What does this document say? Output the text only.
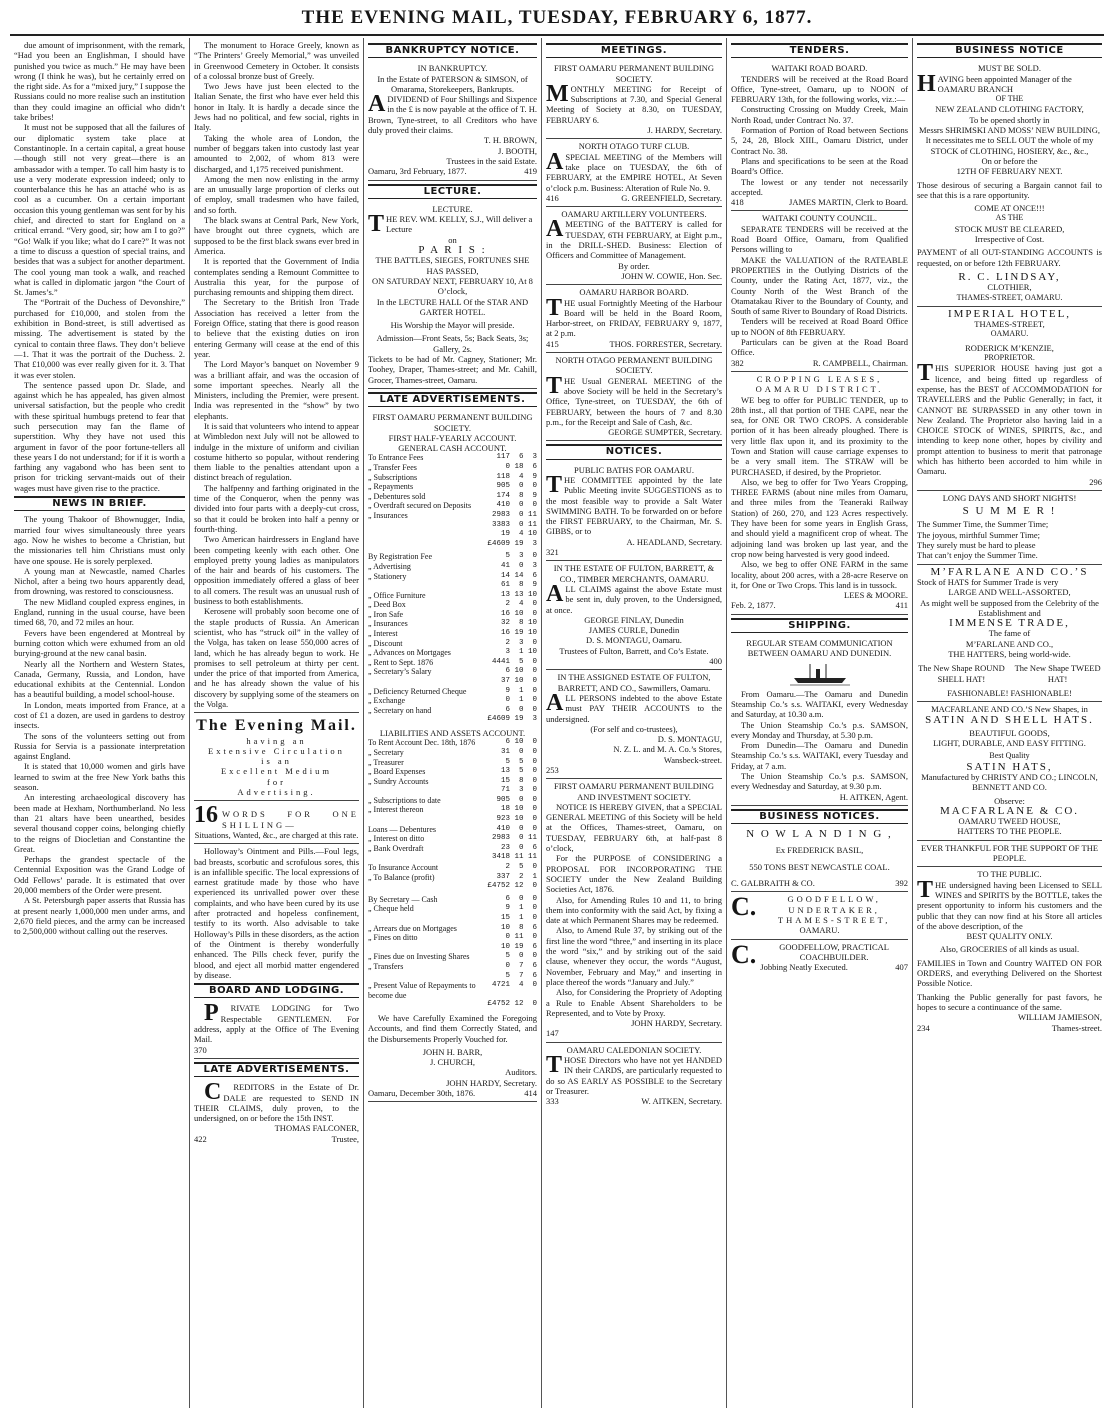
THE EVENING MAIL, TUESDAY, FEBRUARY 6, 1877.

due amount of imprisonment, with the remark, “Had you been an Englishman, I should have punished you twice as much.” He may have been wrong (I think he was), but he certainly erred on the right side. As for a “mixed jury,” I suppose the Russians could no more realise such an institution than they could imagine an official who didn’t take bribes!

It must not be supposed that all the failures of our diplomatic system take place at Constantinople. In a certain capital, a great house—though still not very great—there is an ambassador with a temper. To call him hasty is to use a very moderate expression indeed; only to counterbalance this he has an attaché who is as cool as a cucumber. On a certain important occasion this young gentleman was sent for by his chief, and directed to start for England on a critical errand. “Very good, sir; how am I to go?” “Go! Walk if you like; what do I care?” It was not a time to discuss a question of special trains, and besides that was a subject for another department. The cool young man took a walk, and reached what is called in diplomatic jargon “the Court of St. James’s.”

The “Portrait of the Duchess of Devonshire,” purchased for £10,000, and stolen from the exhibition in Bond-street, is still advertised as missing. The advertisement is stated by the cynical to contain three flaws. They don’t believe—1. That it was the portrait of the Duchess. 2. That £10,000 was ever really given for it. 3. That it was ever stolen.

The sentence passed upon Dr. Slade, and against which he has appealed, has given almost universal satisfaction, but the people who credit with these spiritual humbugs pretend to fear that such persecution may fan the flame of superstition. Why they have not used this argument in favor of the poor fortune-tellers all these years I do not understand; for if it is worth a farthing any vagabond who has been sent to prison for tricking servant-maids out of their wages must have given rise to the practice.

NEWS IN BRIEF.

The young Thakoor of Bhownugger, India, married four wives simultaneously three years ago. Now he wishes to become a Christian, but the missionaries tell him Christians must only have one spouse. He is sorely perplexed.

A young man at Newcastle, named Charles Nichol, after a being two hours apparently dead, from drowning, was restored to consciousness.

The new Midland coupled express engines, in England, running in the usual course, have been timed 68, 70, and 72 miles an hour.

Fevers have been engendered at Montreal by burning cotton which were exhumed from an old burying-ground at the new canal basin.

Nearly all the Northern and Western States, Canada, Germany, Russia, and London, have educational exhibits at the Centennial. London has a beautiful building, a model school-house.

In London, meats imported from France, at a cost of £1 a dozen, are used in gardens to destroy insects.

The sons of the volunteers setting out from Russia for Servia is a passionate interpretation against England.

It is stated that 10,000 women and girls have learned to swim at the free New York baths this season.

An interesting archaeological discovery has been made at Hexham, Northumberland. No less than 21 altars have been unearthed, besides several thousand copper coins, belonging chiefly to the reigns of Diocletian and Constantine the Great.

Perhaps the grandest spectacle of the Centennial Exposition was the Grand Lodge of Odd Fellows’ parade. It is estimated that over 20,000 members of the Order were present.

A St. Petersburgh paper asserts that Russia has at present nearly 1,000,000 men under arms, and 2,670 field pieces, and the army can be increased to 2,500,000 without calling out the reserves.

The monument to Horace Greely, known as “The Printers’ Greely Memorial,” was unveiled in Greenwood Cemetery in October. It consists of a colossal bronze bust of Greely.

Two Jews have just been elected to the Italian Senate, the first who have ever held this honor in Italy. It is hardly a decade since the Jews had no political, and few social, rights in Italy.

Taking the whole area of London, the number of beggars taken into custody last year amounted to 2,002, of whom 813 were discharged, and 1,175 received punishment.

Among the men now enlisting in the army are an unusually large proportion of clerks out of employ, small tradesmen who have failed, and so forth.

The black swans at Central Park, New York, have brought out three cygnets, which are supposed to be the first black swans ever bred in America.

It is reported that the Government of India contemplates sending a Remount Committee to Australia this year, for the purpose of purchasing remounts and shipping them direct.

The Secretary to the British Iron Trade Association has received a letter from the Foreign Office, stating that there is good reason to believe that the existing duties on iron entering Germany will cease at the end of this year.

The Lord Mayor’s banquet on November 9 was a brilliant affair, and was the occasion of some important speeches. Nearly all the Ministers, including the Premier, were present. India was represented in the “show” by two elephants.

It is said that volunteers who intend to appear at Wimbledon next July will not be allowed to indulge in the mixture of uniform and civilian costume hitherto so popular, without rendering them liable to the penalties attendant upon a distinct breach of regulation.

The halfpenny and farthing originated in the time of the Conqueror, when the penny was divided into four parts with a deeply-cut cross, so that it could be broken into half a penny or fourth-thing.

Two American hairdressers in England have been competing keenly with each other. One employed pretty young ladies as manipulators of the hair and beards of his customers. The opposition immediately offered a glass of beer to all comers. The result was an unusual rush of business to both establishments.

Kerosene will probably soon become one of the staple products of Russia. An American scientist, who has “struck oil” in the valley of the Volga, has taken on lease 550,000 acres of land, which he has already begun to work. He promises to sell petroleum at thirty per cent. under the price of that imported from America, and he has already shown the value of his discovery by supplying some of the steamers on the Volga.

The Evening Mail.
having an
Extensive Circulation
is an
Excellent Medium
for
Advertising.
16 WORDS FOR ONE SHILLING—
Situations, Wanted, &c., are charged at this rate.

Holloway’s Ointment and Pills.—Foul legs, bad breasts, scorbutic and scrofulous sores, this is an infallible specific. The local expressions of earnest gratitude made by those who have experienced its unrivalled power over these complaints, and who have been cured by its use after protracted and hopeless confinement, testify to its worth. Also advisable to take Holloway’s Pills in these disorders, as the action of the Ointment is thereby wonderfully enhanced. The Pills check fever, purify the blood, and eject all morbid matter engendered by disease.

BOARD AND LODGING.

PRIVATE LODGING for Two Respectable GENTLEMEN. For address, apply at the Office of The Evening Mail.

370
LATE ADVERTISEMENTS.

CREDITORS in the Estate of Dr. DALE are requested to SEND IN THEIR CLAIMS, duly proven, to the undersigned, on or before the 15th INST.

THOMAS FALCONER,
422	Trustee,
BANKRUPTCY NOTICE.
IN BANKRUPTCY.
In the Estate of PATERSON & SIMSON, of Omarama, Storekeepers, Bankrupts.

ADIVIDEND of Four Shillings and Sixpence in the £ is now payable at the office of T. H. Brown, Tyne-street, to all Creditors who have duly proved their claims.

T. H. BROWN,
J. BOOTH,
Trustees in the said Estate.
Oamaru, 3rd February, 1877.	419
LECTURE.
LECTURE.

THE REV. WM. KELLY, S.J., Will deliver a Lecture

on
P A R I S :
THE BATTLES, SIEGES, FORTUNES SHE HAS PASSED,
ON SATURDAY NEXT, FEBRUARY 10, At 8 O’clock,
In the LECTURE HALL Of the STAR AND GARTER HOTEL.
His Worship the Mayor will preside.
Admission—Front Seats, 5s; Back Seats, 3s; Gallery, 2s.
Tickets to be had of Mr. Cagney, Stationer; Mr. Toohey, Draper, Thames-street; and Mr. Cahill, Grocer, Thames-street, Oamaru.
LATE ADVERTISEMENTS.
FIRST OAMARU PERMANENT BUILDING SOCIETY.
FIRST HALF-YEARLY ACCOUNT.
GENERAL CASH ACCOUNT.
To Entrance Fees	117  6  3
„ Transfer Fees	0 18  6
„ Subscriptions	118  4  9
„ Repayments	905  0  0
„ Debentures sold	174  8  9
„ Overdraft secured on Deposits	410  0  0
„ Insurances	2983  0 11
3383  0 11
19  4 10
£4609 19  3
By Registration Fee	5  3  0
„ Advertising	41  0  3
„ Stationery	14 14  6
61  8  9
„ Office Furniture	13 13 10
„ Deed Box	2  4  0
„ Iron Safe	16 10  0
„ Insurances	32  8 10
„ Interest	16 19 10
„ Discount	2  3  0
„ Advances on Mortgages	3  1 10
„ Rent to Sept. 1876	4441  5  0
„ Secretary’s Salary	6 10  0
37 10  0
„ Deficiency Returned Cheque	9  1  0
„ Exchange	0  1  0
„ Secretary on hand	6  0  0
£4609 19  3
LIABILITIES AND ASSETS ACCOUNT.
To Rent Account Dec. 18th, 1876	6 10  0
„ Secretary	31  0  0
„ Treasurer	5  5  0
„ Board Expenses	13  5  0
„ Sundry Accounts	15  8  0
71  3  0
„ Subscriptions to date	905  0  0
„ Interest thereon	18 10  0
923 10  0
Loans — Debentures	410  0  0
„ Interest on ditto	2983  0 11
„ Bank Overdraft	23  0  6
3418 11 11
To Insurance Account	2  5  0
„ To Balance (profit)	337  2  1
£4752 12  0
By Secretary — Cash	6  0  0
„ Cheque held	9  1  0
15  1  0
„ Arrears due on Mortgages	10  8  6
„ Fines on ditto	0 11  0
10 19  6
„ Fines due on Investing Shares	5  0  0
„ Transfers	0  7  6
5  7  6
„ Present Value of Repayments to become due
4721  4  0
£4752 12  0

We have Carefully Examined the Foregoing Accounts, and find them Correctly Stated, and the Disbursements Properly Vouched for.

JOHN H. BARR,
J. CHURCH,
Auditors.
JOHN HARDY, Secretary.
Oamaru, December 30th, 1876.	414
MEETINGS.
FIRST OAMARU PERMANENT BUILDING SOCIETY.

MONTHLY MEETING for Receipt of Subscriptions at 7.30, and Special General Meeting of Society at 8.30, on TUESDAY, FEBRUARY 6.

J. HARDY, Secretary.
NORTH OTAGO TURF CLUB.

ASPECIAL MEETING of the Members will take place on TUESDAY, the 6th of FEBRUARY, at the EMPIRE HOTEL, At Seven o’clock p.m. Business: Alteration of Rule No. 9.

416	G. GREENFIELD, Secretary.
OAMARU ARTILLERY VOLUNTEERS.

AMEETING of the BATTERY is called for TUESDAY, 6TH FEBRUARY, at Eight p.m., in the DRILL-SHED. Business: Election of Officers and Committee of Management.

By order.
JOHN W. COWIE, Hon. Sec.
OAMARU HARBOR BOARD.

THE usual Fortnightly Meeting of the Harbour Board will be held in the Board Room, Harbor-street, on FRIDAY, FEBRUARY 9, 1877, at 2 p.m.

415	THOS. FORRESTER, Secretary.
NORTH OTAGO PERMANENT BUILDING SOCIETY.

THE Usual GENERAL MEETING of the above Society will be held in the Secretary’s Office, Tyne-street, on TUESDAY, the 6th of FEBRUARY, between the hours of 7 and 8.30 p.m., for the Receipt and Sale of Cash, &c.

GEORGE SUMPTER, Secretary.
NOTICES.
PUBLIC BATHS FOR OAMARU.

THE COMMITTEE appointed by the late Public Meeting invite SUGGESTIONS as to the most feasible way to provide a Salt Water SWIMMING BATH. To be forwarded on or before the FIRST FEBRUARY, to the Chairman, Mr. S. GIBBS, or to

A. HEADLAND, Secretary.
321
IN THE ESTATE OF FULTON, BARRETT, & CO., TIMBER MERCHANTS, OAMARU.

ALL CLAIMS against the above Estate must be sent in, duly proven, to the Undersigned, at once.

GEORGE FINLAY, Dunedin
JAMES CURLE, Dunedin
D. S. MONTAGU, Oamaru.
Trustees of Fulton, Barrett, and Co’s Estate.
400
IN THE ASSIGNED ESTATE OF FULTON, BARRETT, AND CO., Sawmillers, Oamaru.

ALL PERSONS indebted to the above Estate must PAY THEIR ACCOUNTS to the undersigned.

(For self and co-trustees),
D. S. MONTAGU,
N. Z. L. and M. A. Co.’s Stores,
Wansbeck-street.
253
FIRST OAMARU PERMANENT BUILDING AND INVESTMENT SOCIETY.

NOTICE IS HEREBY GIVEN, that a SPECIAL GENERAL MEETING of this Society will be held at the Offices, Thames-street, Oamaru, on TUESDAY, FEBRUARY 6th, at half-past 8 o’clock,

For the PURPOSE of CONSIDERING a PROPOSAL FOR INCORPORATING THE SOCIETY under the New Zealand Building Societies Act, 1876.

Also, for Amending Rules 10 and 11, to bring them into conformity with the said Act, by fixing a date at which Permanent Shares may be redeemed.

Also, to Amend Rule 37, by striking out of the first line the word “three,” and inserting in its place the word “six,” and by striking out of the said clause, whenever they occur, the words “August, November, February and May,” and inserting in place thereof the words “January and July.”

Also, for Considering the Propriety of Adopting a Rule to Enable Absent Shareholders to be Represented, and to Vote by Proxy.

JOHN HARDY, Secretary.
147
OAMARU CALEDONIAN SOCIETY.

THOSE Directors who have not yet HANDED IN their CARDS, are particularly requested to do so AS EARLY AS POSSIBLE to the Secretary or Treasurer.

333	W. AITKEN, Secretary.
TENDERS.
WAITAKI ROAD BOARD.

TENDERS will be received at the Road Board Office, Tyne-street, Oamaru, up to NOON of FEBRUARY 13th, for the following works, viz.:—

Constructing Crossing on Muddy Creek, Main North Road, under Contract No. 37.

Formation of Portion of Road between Sections 5, 24, 28, Block XIII., Oamaru District, under Contract No. 38.

Plans and specifications to be seen at the Road Board’s Office.

The lowest or any tender not necessarily accepted.

418	JAMES MARTIN, Clerk to Board.
WAITAKI COUNTY COUNCIL.

SEPARATE TENDERS will be received at the Road Board Office, Oamaru, from Qualified Persons willing to

MAKE the VALUATION of the RATEABLE PROPERTIES in the Outlying Districts of the County, under the Rating Act, 1877, viz., the County North of the West Branch of the Otamatakau River to the Boundary of County, and South of same River to Boundary of Road Districts.

Tenders will be received at Road Board Office up to NOON of 8th FEBRUARY.

Particulars can be given at the Road Board Office.

382	R. CAMPBELL, Chairman.
CROPPING LEASES, OAMARU DISTRICT.

WE beg to offer for PUBLIC TENDER, up to 28th inst., all that portion of THE CAPE, near the sea, for ONE OR TWO CROPS. A considerable portion of it has been already ploughed. There is very little flax upon it, and its proximity to the Town and Station will cause carriage expenses to be a very small item. The STRAW will be PURCHASED, if desired, by the Proprietor.

Also, we beg to offer for Two Years Cropping, THREE FARMS (about nine miles from Oamaru, and three miles from the Teaneraki Railway Station) of 260, 270, and 123 Acres respectively. They have been for some years in English Grass, and should yield a magnificent crop of wheat. The adjoining land was broken up last year, and the crop now being harvested is very good indeed.

Also, we beg to offer ONE FARM in the same locality, about 200 acres, with a 28-acre Reserve on it, for One or Two Crops. This land is in tussock.

LEES & MOORE.
Feb. 2, 1877.	411
SHIPPING.
REGULAR STEAM COMMUNICATION BETWEEN OAMARU AND DUNEDIN.

From Oamaru.—The Oamaru and Dunedin Steamship Co.’s s.s. WAITAKI, every Wednesday and Saturday, at 10.30 a.m.

The Union Steamship Co.’s p.s. SAMSON, every Monday and Thursday, at 5.30 p.m.

From Dunedin—The Oamaru and Dunedin Steamship Co.’s s.s. WAITAKI, every Tuesday and Friday, at 7 a.m.

The Union Steamship Co.’s p.s. SAMSON, every Wednesday and Saturday, at 9.30 p.m.

H. AITKEN, Agent.
BUSINESS NOTICES.
N O W L A N D I N G ,
Ex FREDERICK BASIL,
550 TONS BEST NEWCASTLE COAL.
C. GALBRAITH & CO.	392
C.	GOODFELLOW, UNDERTAKER,
THAMES-STREET,
OAMARU.
C.	GOODFELLOW, PRACTICAL COACHBUILDER.
Jobbing Neatly Executed.	407
BUSINESS NOTICE
MUST BE SOLD.

HAVING been appointed Manager of the OAMARU BRANCH

OF THE
NEW ZEALAND CLOTHING FACTORY,
To be opened shortly in
Messrs SHRIMSKI AND MOSS’ NEW BUILDING,
It necessitates me to SELL OUT the whole of my STOCK of CLOTHING, HOSIERY, &c., &c.,
On or before the
12TH OF FEBRUARY NEXT.
Those desirous of securing a Bargain cannot fail to see that this is a rare opportunity.
COME AT ONCE!!!
AS THE
STOCK MUST BE CLEARED,
Irrespective of Cost.
PAYMENT of all OUT-STANDING ACCOUNTS is requested, on or before 12th FEBRUARY.
R. C. LINDSAY,
CLOTHIER,
THAMES-STREET, OAMARU.
IMPERIAL HOTEL,
THAMES-STREET,
OAMARU.
RODERICK M’KENZIE,
PROPRIETOR.

THIS SUPERIOR HOUSE having just got a licence, and being fitted up regardless of expense, has the BEST of ACCOMMODATION for TRAVELLERS and the Public Generally; in fact, it CANNOT BE SURPASSED in any other town in New Zealand. The Proprietor also having laid in a CHOICE STOCK of WINES, SPIRITS, &c., and intending to keep none other, hopes by civility and prompt attention to business to merit that patronage which has hitherto been accorded to him while in Oamaru.

296
LONG DAYS AND SHORT NIGHTS!
S U M M E R !
The Summer Time, the Summer Time;
The joyous, mirthful Summer Time;
They surely must be hard to please
That can’t enjoy the Summer Time.
M’FARLANE AND CO.’S
Stock of HATS for Summer Trade is very
LARGE AND WELL-ASSORTED,
As might well be supposed from the Celebrity of the Establishment and
IMMENSE TRADE,
The fame of
M’FARLANE AND CO.,
THE HATTERS, being world-wide.
The New Shape ROUND SHELL HAT!
The New Shape TWEED HAT!
FASHIONABLE! FASHIONABLE!
MACFARLANE AND CO.’S New Shapes, in
SATIN AND SHELL HATS.
BEAUTIFUL GOODS,
LIGHT, DURABLE, AND EASY FITTING.
Best Quality
SATIN HATS,
Manufactured by CHRISTY AND CO.; LINCOLN, BENNETT AND CO.
Observe:
MACFARLANE & CO.
OAMARU TWEED HOUSE,
HATTERS TO THE PEOPLE.
EVER THANKFUL FOR THE SUPPORT OF THE PEOPLE.
TO THE PUBLIC.

THE undersigned having been Licensed to SELL WINES and SPIRITS by the BOTTLE, takes the present opportunity to inform his customers and the public that they can now find at his Store all articles of the above description, of the

BEST QUALITY ONLY.
Also, GROCERIES of all kinds as usual.
FAMILIES in Town and Country WAITED ON FOR ORDERS, and everything Delivered on the Shortest Possible Notice.
Thanking the Public generally for past favors, he hopes to secure a continuance of the same.
WILLIAM JAMIESON,
234	Thames-street.
